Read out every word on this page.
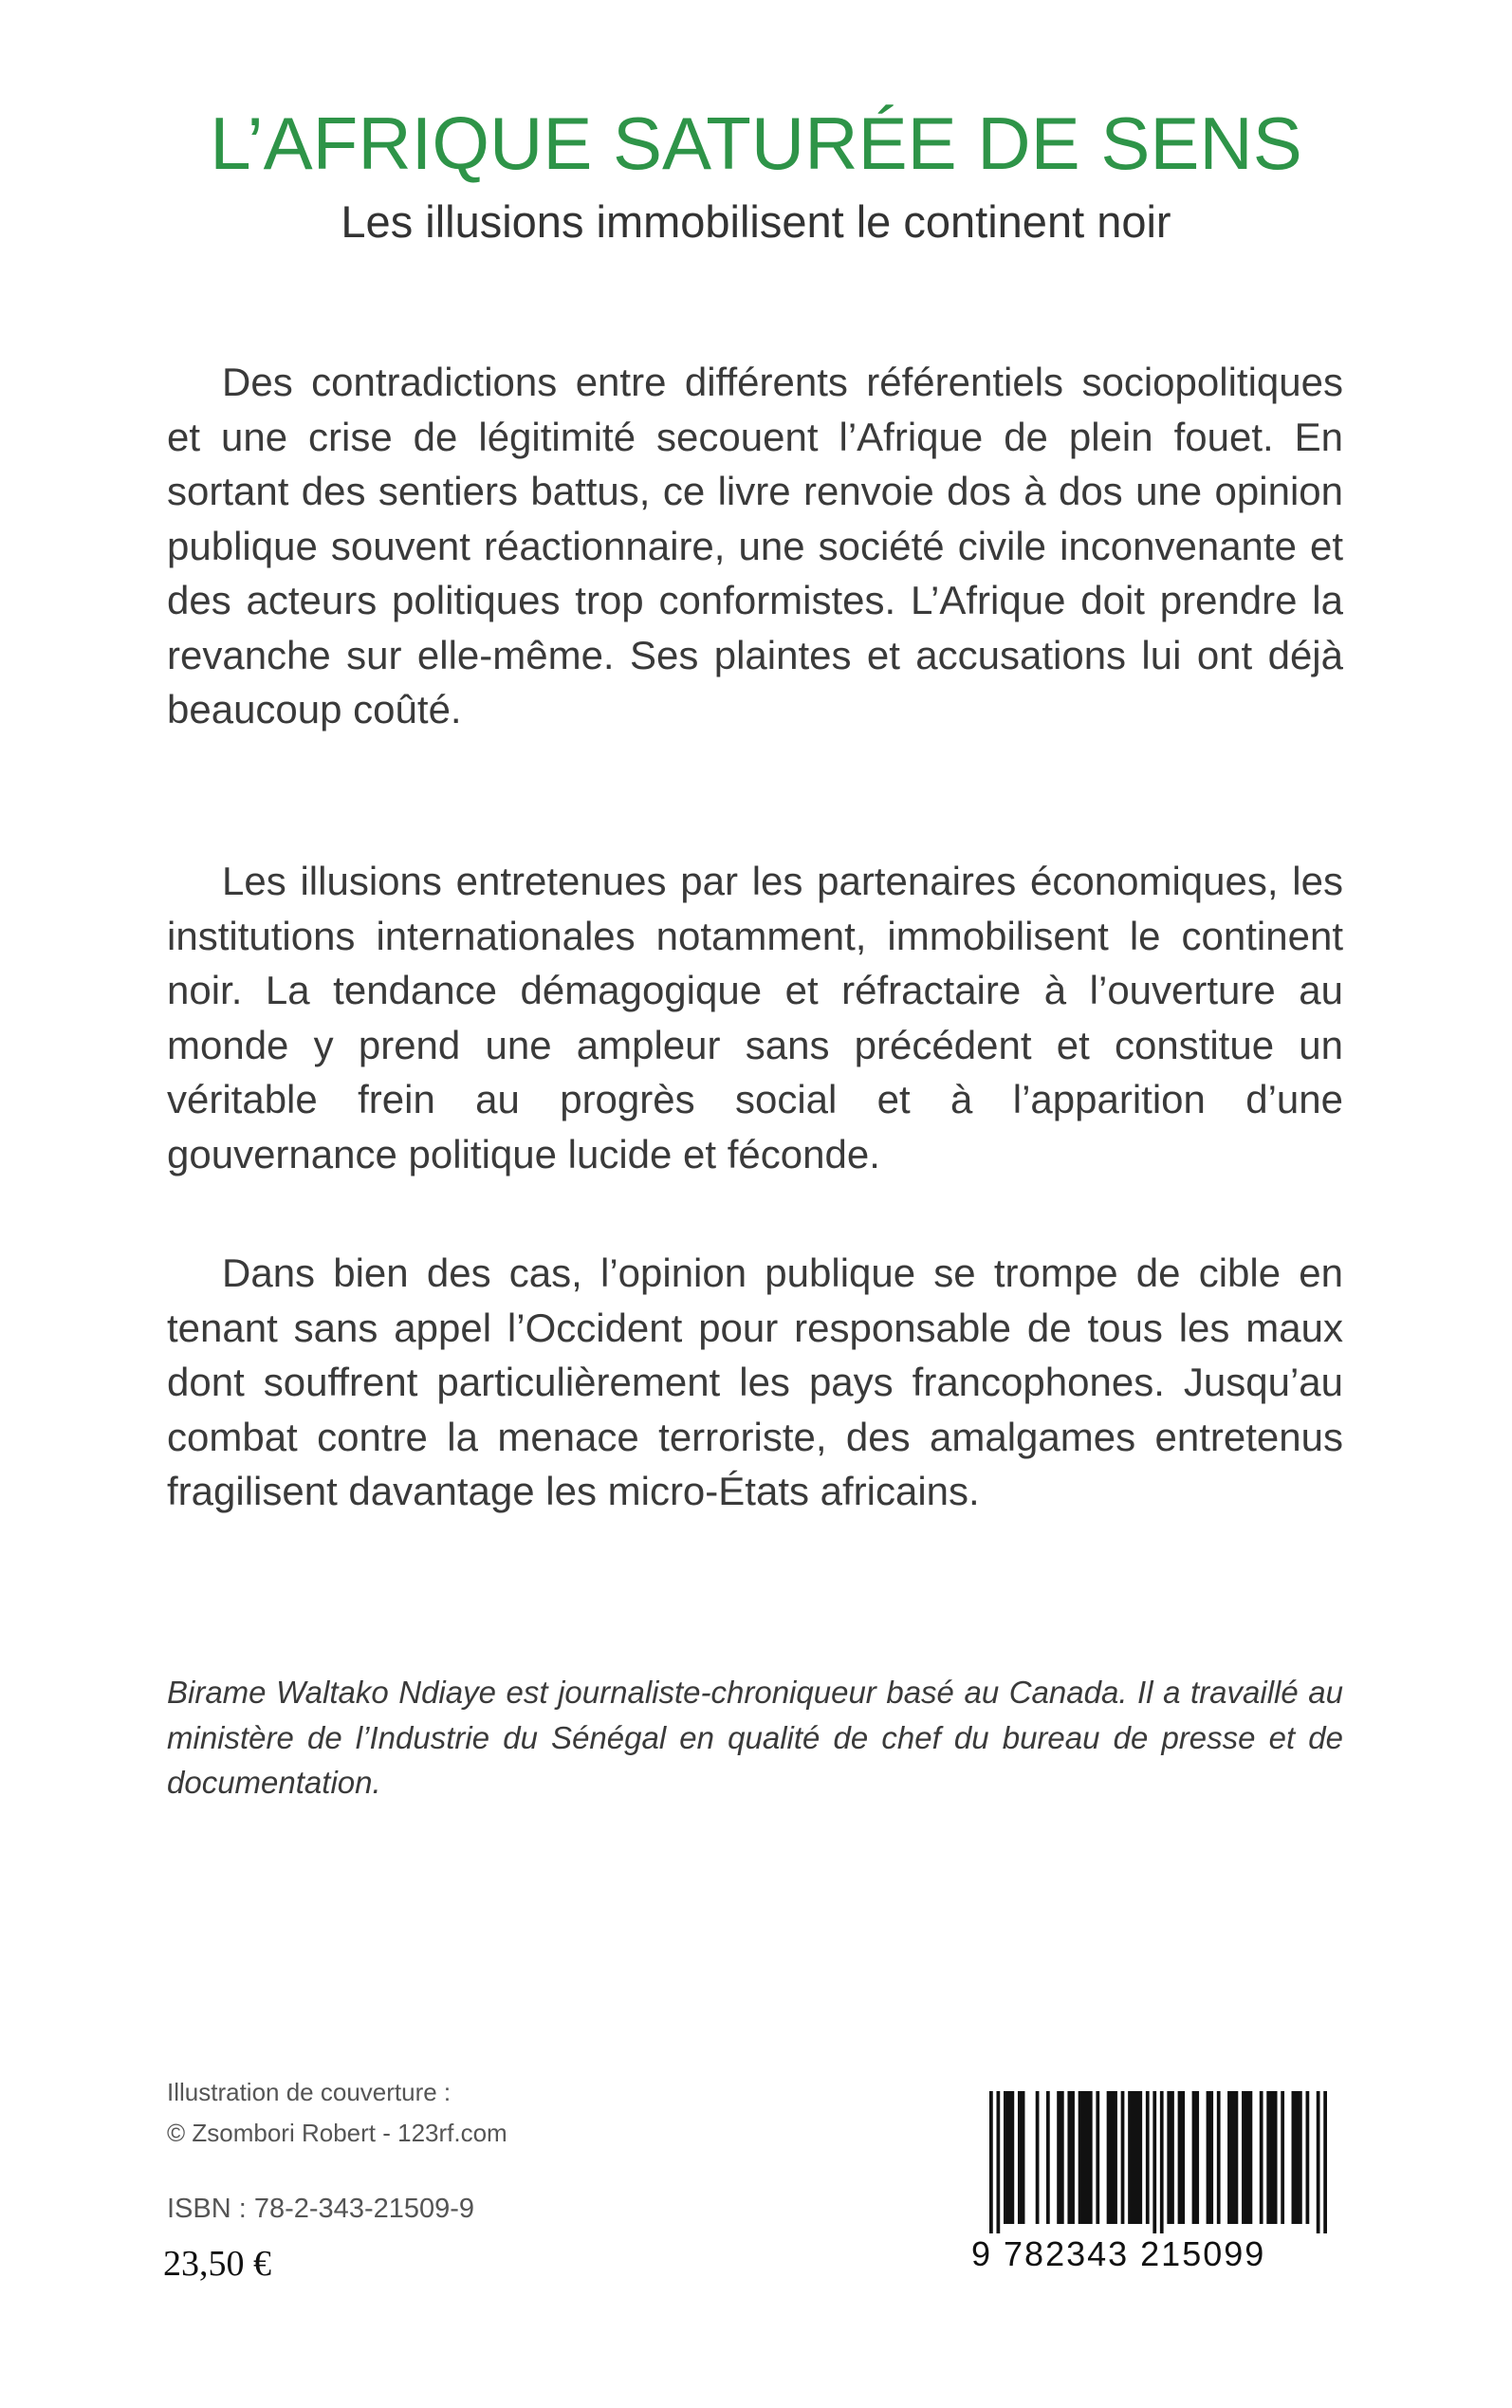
L’AFRIQUE SATURÉE DE SENS
Les illusions immobilisent le continent noir

Des contradictions entre différents référentiels sociopolitiques et une crise de légitimité secouent l’Afrique de plein fouet. En sortant des sentiers battus, ce livre renvoie dos à dos une opinion publique souvent réactionnaire, une société civile inconvenante et des acteurs politiques trop conformistes. L’Afrique doit prendre la revanche sur elle-même. Ses plaintes et accusations lui ont déjà beaucoup coûté.

Les illusions entretenues par les partenaires économiques, les institutions internationales notamment, immobilisent le continent noir. La tendance démagogique et réfractaire à l’ouverture au monde y prend une ampleur sans précédent et constitue un véritable frein au progrès social et à l’apparition d’une gouvernance politique lucide et féconde.

Dans bien des cas, l’opinion publique se trompe de cible en tenant sans appel l’Occident pour responsable de tous les maux dont souffrent particulièrement les pays francophones. Jusqu’au combat contre la menace terroriste, des amalgames entretenus fragilisent davantage les micro-États africains.

Birame Waltako Ndiaye est journaliste-chroniqueur basé au Canada. Il a travaillé au ministère de l’Industrie du Sénégal en qualité de chef du bureau de presse et de documentation.

Illustration de couverture :
© Zsombori Robert - 123rf.com
ISBN : 78-2-343-21509-9
23,50 €	9 782343 215099
